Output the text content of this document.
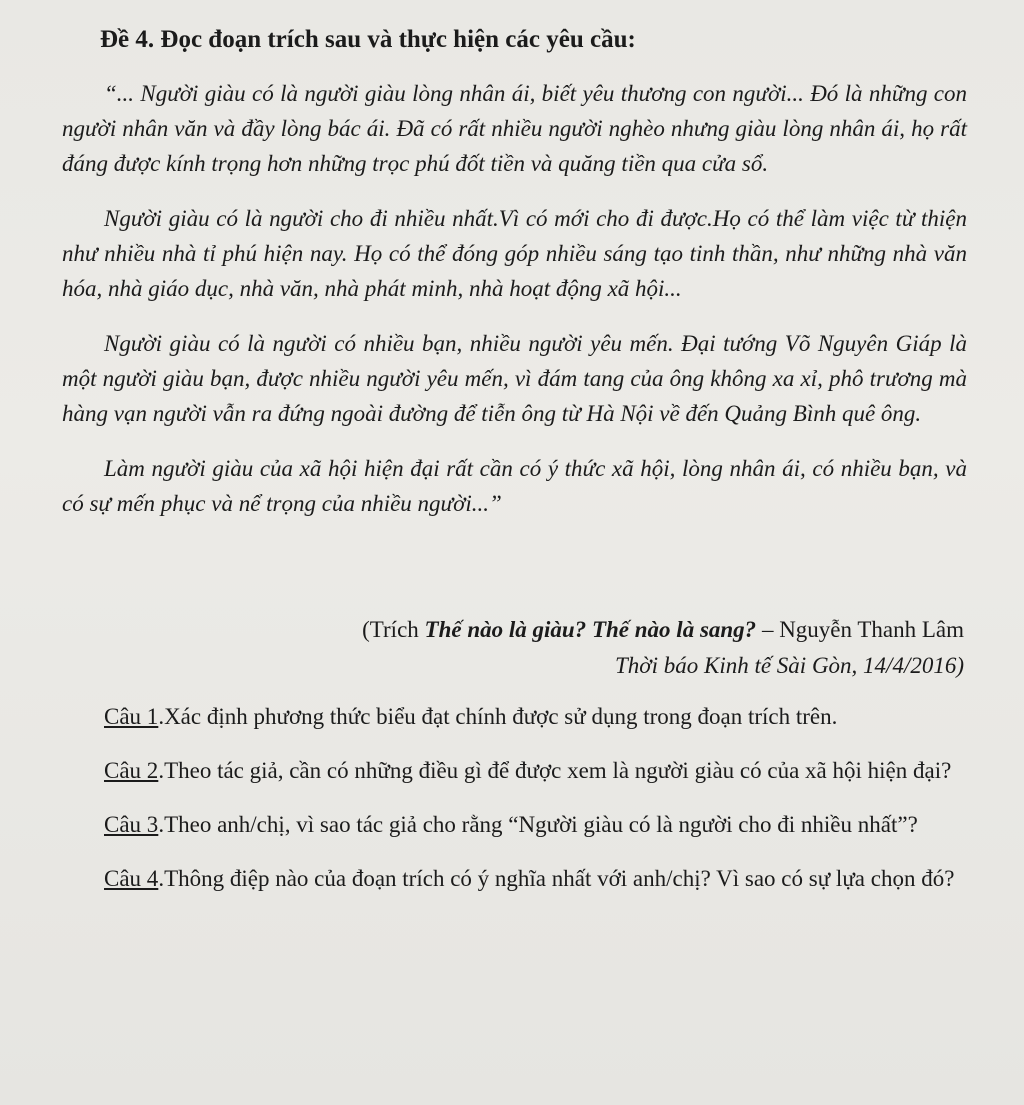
Đề 4. Đọc đoạn trích sau và thực hiện các yêu cầu:

“... Người giàu có là người giàu lòng nhân ái, biết yêu thương con người... Đó là những con người nhân văn và đầy lòng bác ái. Đã có rất nhiều người nghèo nhưng giàu lòng nhân ái, họ rất đáng được kính trọng hơn những trọc phú đốt tiền và quăng tiền qua cửa sổ.

Người giàu có là người cho đi nhiều nhất.Vì có mới cho đi được.Họ có thể làm việc từ thiện như nhiều nhà tỉ phú hiện nay. Họ có thể đóng góp nhiều sáng tạo tinh thần, như những nhà văn hóa, nhà giáo dục, nhà văn, nhà phát minh, nhà hoạt động xã hội...

Người giàu có là người có nhiều bạn, nhiều người yêu mến. Đại tướng Võ Nguyên Giáp là một người giàu bạn, được nhiều người yêu mến, vì đám tang của ông không xa xỉ, phô trương mà hàng vạn người vẫn ra đứng ngoài đường để tiễn ông từ Hà Nội về đến Quảng Bình quê ông.

Làm người giàu của xã hội hiện đại rất cần có ý thức xã hội, lòng nhân ái, có nhiều bạn, và có sự mến phục và nể trọng của nhiều người...”

(Trích Thế nào là giàu? Thế nào là sang? – Nguyễn Thanh Lâm
Thời báo Kinh tế Sài Gòn, 14/4/2016)
Câu 1.Xác định phương thức biểu đạt chính được sử dụng trong đoạn trích trên.
Câu 2.Theo tác giả, cần có những điều gì để được xem là người giàu có của xã hội hiện đại?
Câu 3.Theo anh/chị, vì sao tác giả cho rằng “Người giàu có là người cho đi nhiều nhất”?
Câu 4.Thông điệp nào của đoạn trích có ý nghĩa nhất với anh/chị? Vì sao có sự lựa chọn đó?
